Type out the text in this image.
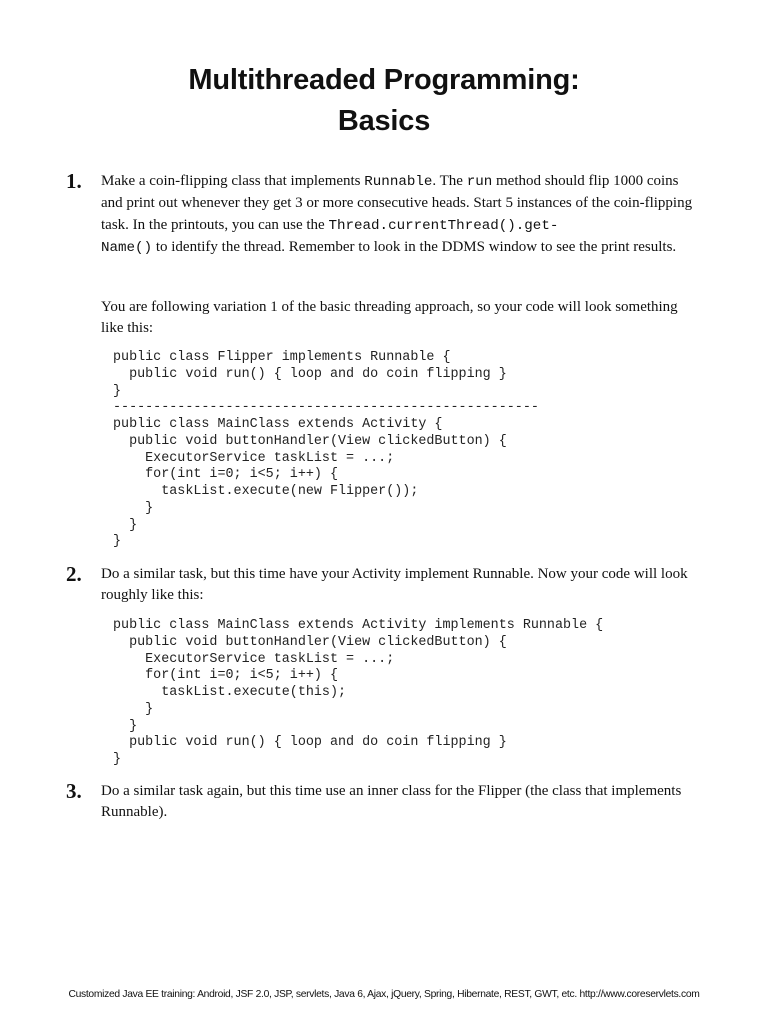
Multithreaded Programming:
Basics
1. Make a coin-flipping class that implements Runnable. The run method should flip 1000 coins and print out whenever they get 3 or more consecutive heads. Start 5 instances of the coin-flipping task. In the printouts, you can use the Thread.currentThread().get-
Name() to identify the thread. Remember to look in the DDMS window to see the print results.

You are following variation 1 of the basic threading approach, so your code will look something like this:

public class Flipper implements Runnable {
public void run() { loop and do coin flipping }
}
-----------------------------------------------------
public class MainClass extends Activity {
public void buttonHandler(View clickedButton) {
ExecutorService taskList = ...;
for(int i=0; i<5; i++) {
taskList.execute(new Flipper());
}
}
}
2. Do a similar task, but this time have your Activity implement Runnable. Now your code will look roughly like this:

public class MainClass extends Activity implements Runnable {
public void buttonHandler(View clickedButton) {
ExecutorService taskList = ...;
for(int i=0; i<5; i++) {
taskList.execute(this);
}
}
public void run() { loop and do coin flipping }
}
3. Do a similar task again, but this time use an inner class for the Flipper (the class that implements Runnable).

Customized Java EE training: Android, JSF 2.0, JSP, servlets, Java 6, Ajax, jQuery, Spring, Hibernate, REST, GWT, etc. http://www.coreservlets.com
